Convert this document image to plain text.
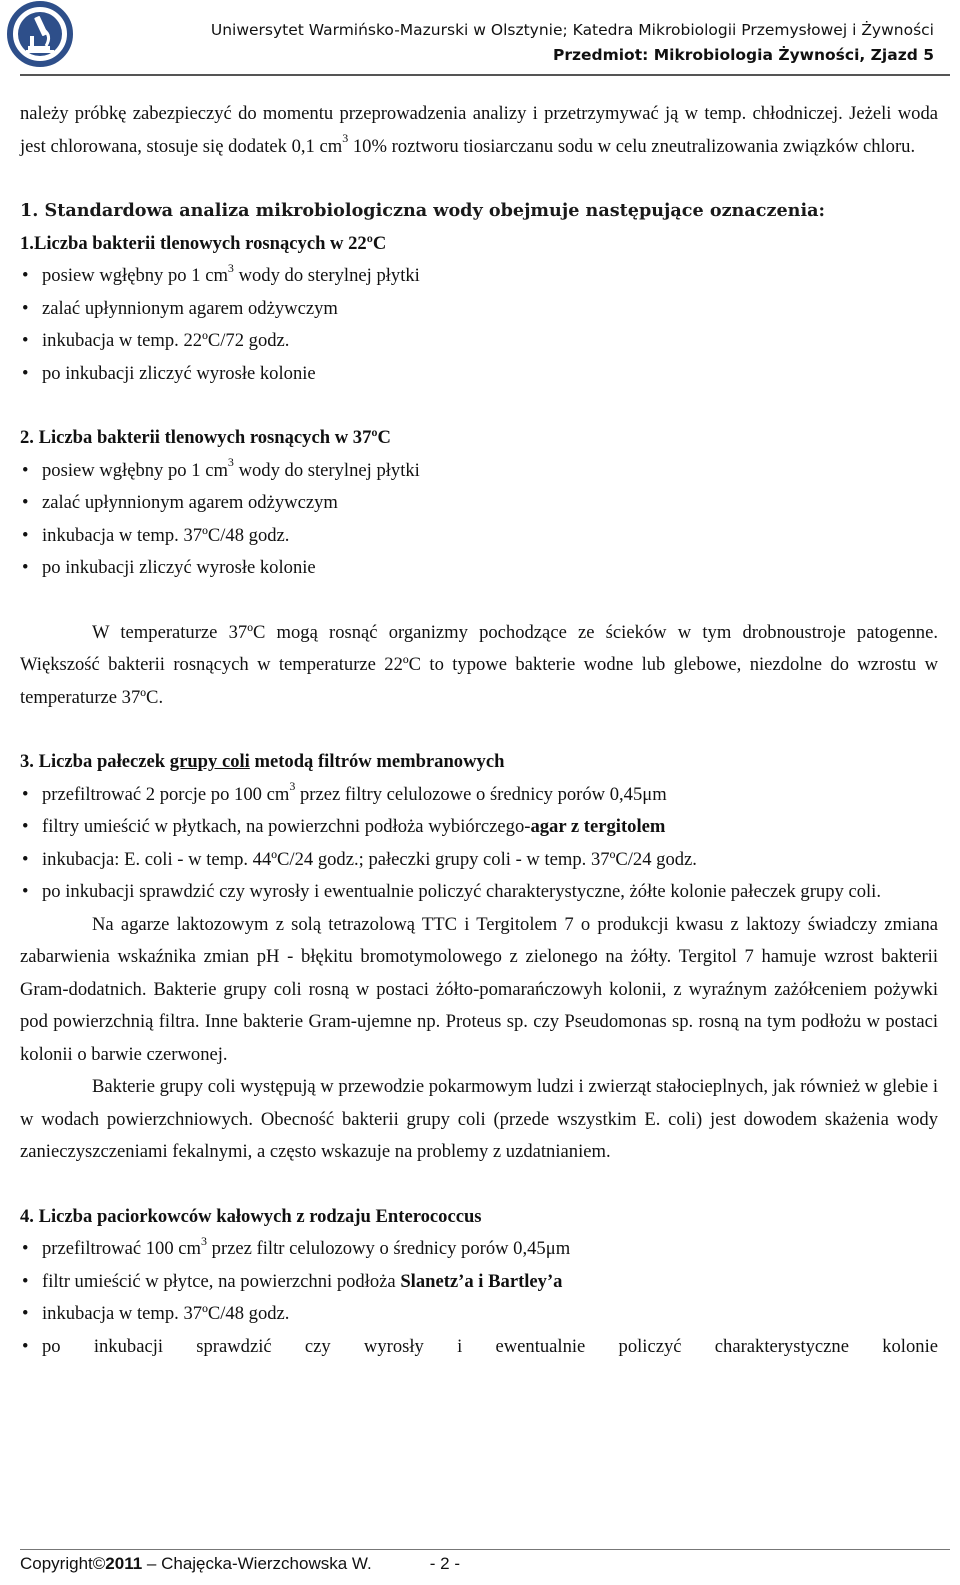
Uniwersytet Warmińsko-Mazurski w Olsztynie; Katedra Mikrobiologii Przemysłowej i Żywności
Przedmiot: Mikrobiologia Żywności, Zjazd 5
należy próbkę zabezpieczyć do momentu przeprowadzenia analizy i przetrzymywać ją w temp. chłodniczej. Jeżeli woda jest chlorowana, stosuje się dodatek 0,1 $cm^3$ 10% roztworu tiosiarczanu sodu w celu zneutralizowania związków chloru.
1. Standardowa analiza mikrobiologiczna wody obejmuje następujące oznaczenia:
1.Liczba bakterii tlenowych rosnących w 22ºC
• posiew wgłębny po 1 $cm^3$ wody do sterylnej płytki
• zalać upłynnionym agarem odżywczym
• inkubacja w temp. 22ºC/72 godz.
• po inkubacji zliczyć wyrosłe kolonie
2. Liczba bakterii tlenowych rosnących w 37ºC
• posiew wgłębny po 1 $cm^3$ wody do sterylnej płytki
• zalać upłynnionym agarem odżywczym
• inkubacja w temp. 37ºC/48 godz.
• po inkubacji zliczyć wyrosłe kolonie
W temperaturze 37ºC mogą rosnąć organizmy pochodzące ze ścieków w tym drobnoustroje patogenne. Większość bakterii rosnących w temperaturze 22ºC to typowe bakterie wodne lub glebowe, niezdolne do wzrostu w temperaturze 37ºC.
3. Liczba pałeczek grupy coli metodą filtrów membranowych
• przefiltrować 2 porcje po 100 $cm^3$ przez filtry celulozowe o średnicy porów 0,45μm
• filtry umieścić w płytkach, na powierzchni podłoża wybiórczego-agar z tergitolem
• inkubacja: E. coli - w temp. 44ºC/24 godz.; pałeczki grupy coli - w temp. 37ºC/24 godz.
• po inkubacji sprawdzić czy wyrosły i ewentualnie policzyć charakterystyczne, żółte kolonie pałeczek grupy coli.
Na agarze laktozowym z solą tetrazolową TTC i Tergitolem 7 o produkcji kwasu z laktozy świadczy zmiana zabarwienia wskaźnika zmian pH - błękitu bromotymolowego z zielonego na żółty. Tergitol 7 hamuje wzrost bakterii Gram-dodatnich. Bakterie grupy coli rosną w postaci żółto-pomarańczowyh kolonii, z wyraźnym zażółceniem pożywki pod powierzchnią filtra. Inne bakterie Gram-ujemne np. Proteus sp. czy Pseudomonas sp. rosną na tym podłożu w postaci kolonii o barwie czerwonej.
Bakterie grupy coli występują w przewodzie pokarmowym ludzi i zwierząt stałocieplnych, jak również w glebie i w wodach powierzchniowych. Obecność bakterii grupy coli (przede wszystkim E. coli) jest dowodem skażenia wody zanieczyszczeniami fekalnymi, a często wskazuje na problemy z uzdatnianiem.
4. Liczba paciorkowców kałowych z rodzaju Enterococcus
• przefiltrować 100 $cm^3$ przez filtr celulozowy o średnicy porów 0,45μm
• filtr umieścić w płytce, na powierzchni podłoża Slanetz’a i Bartley’a
• inkubacja w temp. 37ºC/48 godz.
• po inkubacji sprawdzić czy wyrosły i ewentualnie policzyć charakterystyczne kolonie
Copyright©2011 – Chajęcka-Wierzchowska W.	- 2 -
